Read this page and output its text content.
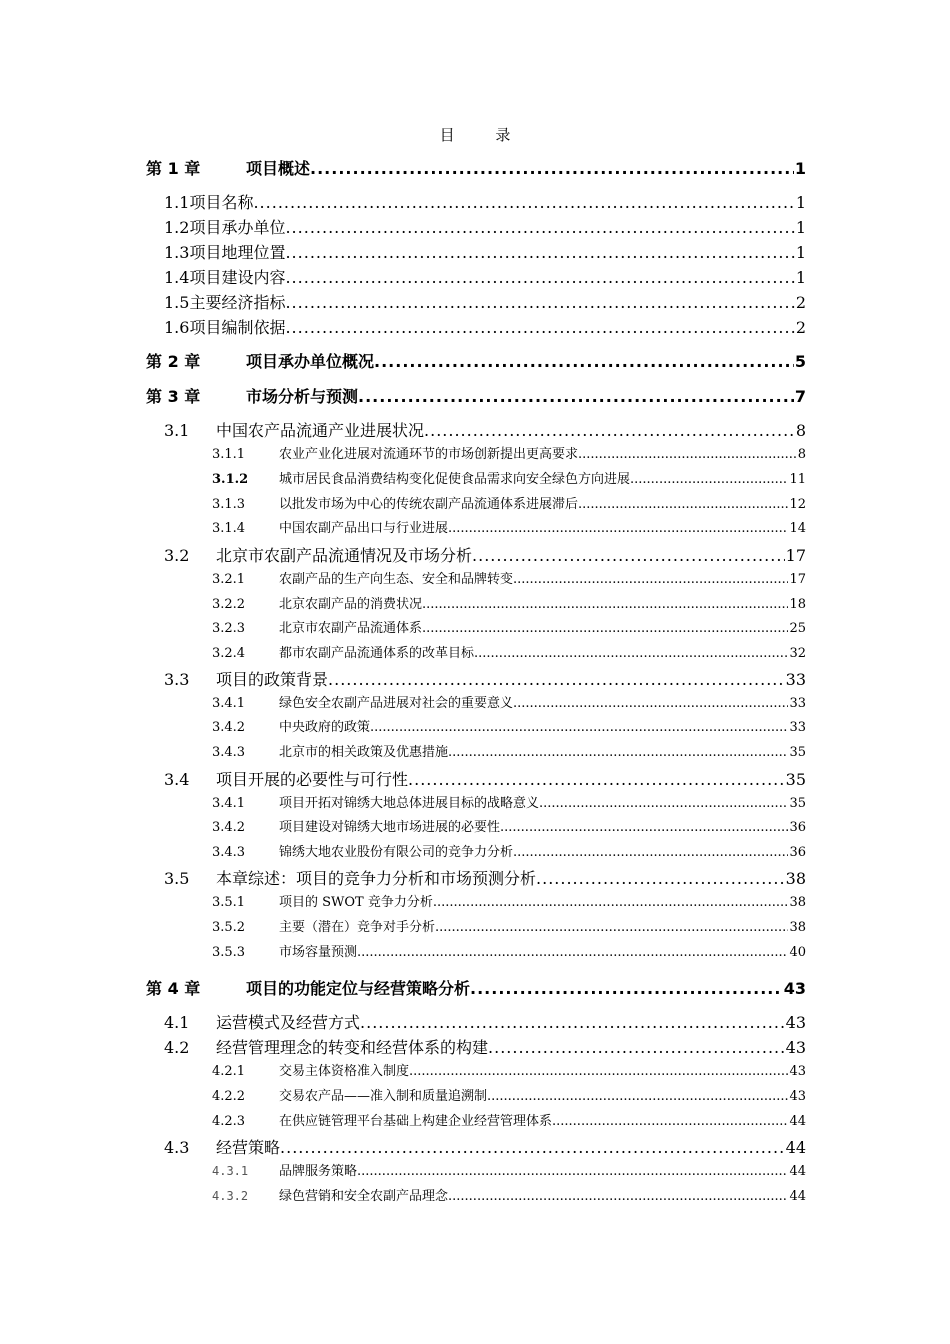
目 录
第 1 章	项目概述 .....	1
1.1 项目名称 .....	1
1.2 项目承办单位 .....	1
1.3 项目地理位置 .....	1
1.4 项目建设内容 .....	1
1.5 主要经济指标 .....	2
1.6 项目编制依据 .....	2
第 2 章	项目承办单位概况 .....	5
第 3 章	市场分析与预测 .....	7
3.1	中国农产品流通产业进展状况 .....	8
3.1.1	农业产业化进展对流通环节的市场创新提出更高要求 .....	8
3.1.2	城市居民食品消费结构变化促使食品需求向安全绿色方向进展 .....	11
3.1.3	以批发市场为中心的传统农副产品流通体系进展滞后 .....	12
3.1.4	中国农副产品出口与行业进展 .....	14
3.2	北京市农副产品流通情况及市场分析 .....	17
3.2.1	农副产品的生产向生态、安全和品牌转变 .....	17
3.2.2	北京农副产品的消费状况 .....	18
3.2.3	北京市农副产品流通体系 .....	25
3.2.4	都市农副产品流通体系的改革目标 .....	32
3.3	项目的政策背景 .....	33
3.4.1	绿色安全农副产品进展对社会的重要意义 .....	33
3.4.2	中央政府的政策 .....	33
3.4.3	北京市的相关政策及优惠措施 .....	35
3.4	项目开展的必要性与可行性 .....	35
3.4.1	项目开拓对锦绣大地总体进展目标的战略意义 .....	35
3.4.2	项目建设对锦绣大地市场进展的必要性 .....	36
3.4.3	锦绣大地农业股份有限公司的竞争力分析 .....	36
3.5	本章综述：项目的竞争力分析和市场预测分析 .....	38
3.5.1	项目的 SWOT 竞争力分析 .....	38
3.5.2	主要（潜在）竞争对手分析 .....	38
3.5.3	市场容量预测 .....	40
第 4 章	项目的功能定位与经营策略分析 .....	43
4.1	运营模式及经营方式 .....	43
4.2	经营管理理念的转变和经营体系的构建 .....	43
4.2.1	交易主体资格准入制度 .....	43
4.2.2	交易农产品——准入制和质量追溯制 .....	43
4.2.3	在供应链管理平台基础上构建企业经营管理体系 .....	44
4.3	经营策略 .....	44
4.3.1	品牌服务策略 .....	44
4.3.2	绿色营销和安全农副产品理念 .....	44
